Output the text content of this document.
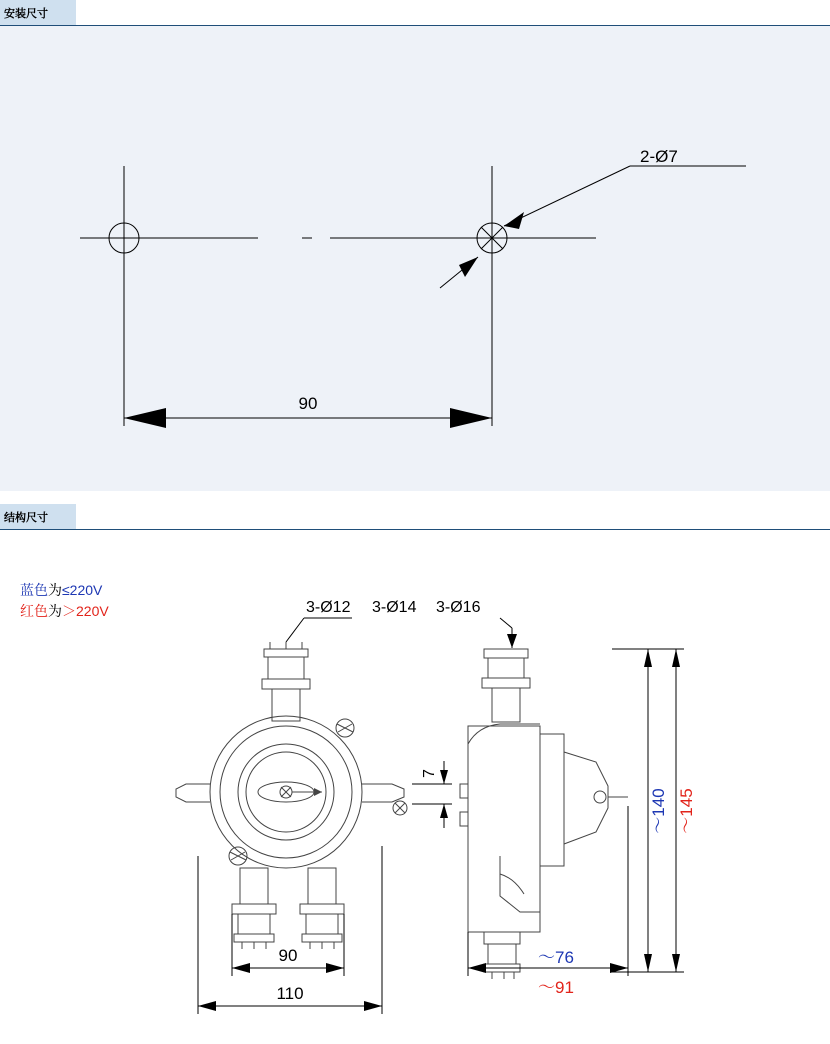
安装尺寸
2-Ø7
90
结构尺寸
蓝色为≤220V
红色为＞220V	3-Ø12 3-Ø14 3-Ø16
7
90
110
～140 ～145
～76
～91
